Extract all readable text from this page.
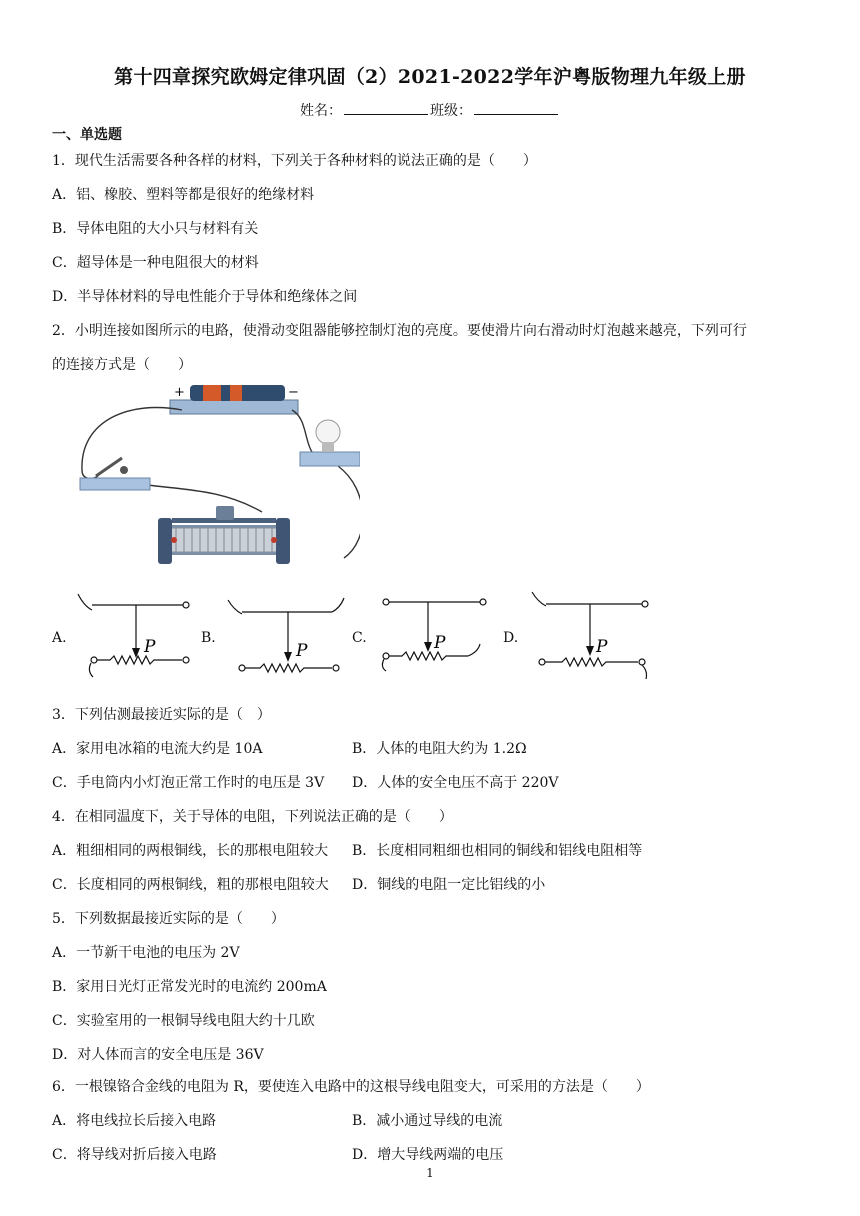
第十四章探究欧姆定律巩固（2）2021-2022学年沪粤版物理九年级上册
姓名：	班级：
一、单选题
1．现代生活需要各种各样的材料，下列关于各种材料的说法正确的是（　　）
A．铝、橡胶、塑料等都是很好的绝缘材料
B．导体电阻的大小只与材料有关
C．超导体是一种电阻很大的材料
D．半导体材料的导电性能介于导体和绝缘体之间
2．小明连接如图所示的电路，使滑动变阻器能够控制灯泡的亮度。要使滑片向右滑动时灯泡越来越亮，下列可行
的连接方式是（　　）
+	−
A.	B.	C.	D.
P	P	P	P
3．下列估测最接近实际的是（　）
A．家用电冰箱的电流大约是 10A	B．人体的电阻大约为 1.2Ω
C．手电筒内小灯泡正常工作时的电压是 3V D．人体的安全电压不高于 220V
4．在相同温度下，关于导体的电阻，下列说法正确的是（　　）
A．粗细相同的两根铜线，长的那根电阻较大 B．长度相同粗细也相同的铜线和铝线电阻相等
C．长度相同的两根铜线，粗的那根电阻较大 D．铜线的电阻一定比铝线的小
5．下列数据最接近实际的是（　　）
A．一节新干电池的电压为 2V
B．家用日光灯正常发光时的电流约 200mA
C．实验室用的一根铜导线电阻大约十几欧
D．对人体而言的安全电压是 36V
6．一根镍铬合金线的电阻为 R，要使连入电路中的这根导线电阻变大，可采用的方法是（　　）
A．将电线拉长后接入电路	B．减小通过导线的电流
C．将导线对折后接入电路	D．增大导线两端的电压
1
